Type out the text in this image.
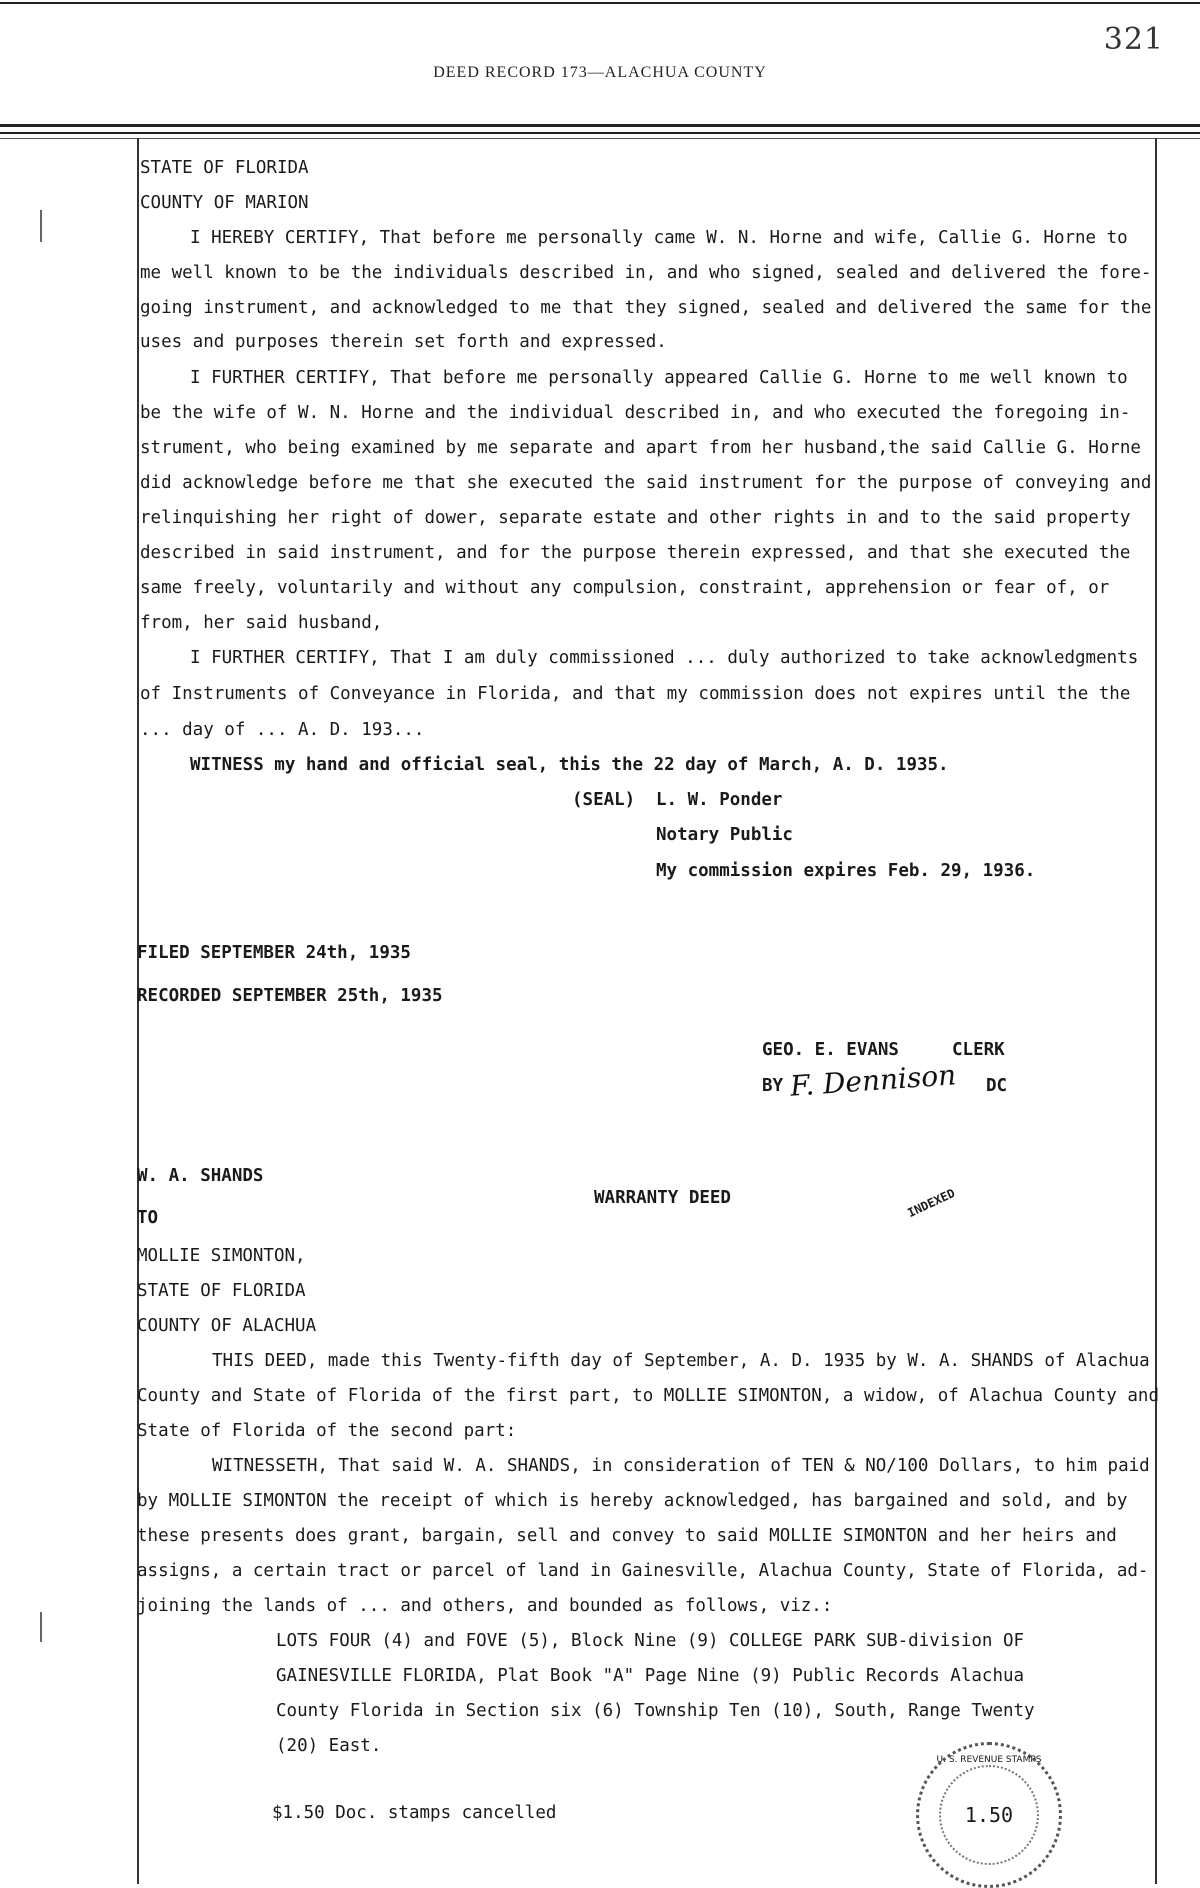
321
DEED RECORD 173—ALACHUA COUNTY
STATE OF FLORIDA
COUNTY OF MARION
I HEREBY CERTIFY, That before me personally came W. N. Horne and wife, Callie G. Horne to
me well known to be the individuals described in, and who signed, sealed and delivered the fore-
going instrument, and acknowledged to me that they signed, sealed and delivered the same for the
uses and purposes therein set forth and expressed.
I FURTHER CERTIFY, That before me personally appeared Callie G. Horne to me well known to
be the wife of W. N. Horne and the individual described in, and who executed the foregoing in-
strument, who being examined by me separate and apart from her husband,the said Callie G. Horne
did acknowledge before me that she executed the said instrument for the purpose of conveying and
relinquishing her right of dower, separate estate and other rights in and to the said property
described in said instrument, and for the purpose therein expressed, and that she executed the
same freely, voluntarily and without any compulsion, constraint, apprehension or fear of, or
from, her said husband,
I FURTHER CERTIFY, That I am duly commissioned ... duly authorized to take acknowledgments
of Instruments of Conveyance in Florida, and that my commission does not expires until the the
... day of ... A. D. 193...
WITNESS my hand and official seal, this the 22 day of March, A. D. 1935.
(SEAL) L. W. Ponder
Notary Public
My commission expires Feb. 29, 1936.
FILED SEPTEMBER 24th, 1935
RECORDED SEPTEMBER 25th, 1935
GEO. E. EVANS	CLERK
BY F. Dennison DC
W. A. SHANDS
WARRANTY DEED	INDEXED
TO
MOLLIE SIMONTON,
STATE OF FLORIDA
COUNTY OF ALACHUA
THIS DEED, made this Twenty-fifth day of September, A. D. 1935 by W. A. SHANDS of Alachua
County and State of Florida of the first part, to MOLLIE SIMONTON, a widow, of Alachua County and
State of Florida of the second part:
WITNESSETH, That said W. A. SHANDS, in consideration of TEN & NO/100 Dollars, to him paid
by MOLLIE SIMONTON the receipt of which is hereby acknowledged, has bargained and sold, and by
these presents does grant, bargain, sell and convey to said MOLLIE SIMONTON and her heirs and
assigns, a certain tract or parcel of land in Gainesville, Alachua County, State of Florida, ad-
joining the lands of ... and others, and bounded as follows, viz.:
LOTS FOUR (4) and FOVE (5), Block Nine (9) COLLEGE PARK SUB-division OF
GAINESVILLE FLORIDA, Plat Book "A" Page Nine (9) Public Records Alachua
County Florida in Section six (6) Township Ten (10), South, Range Twenty
(20) East.
$1.50 Doc. stamps cancelled
U. S. REVENUE STAMPS
1.50
